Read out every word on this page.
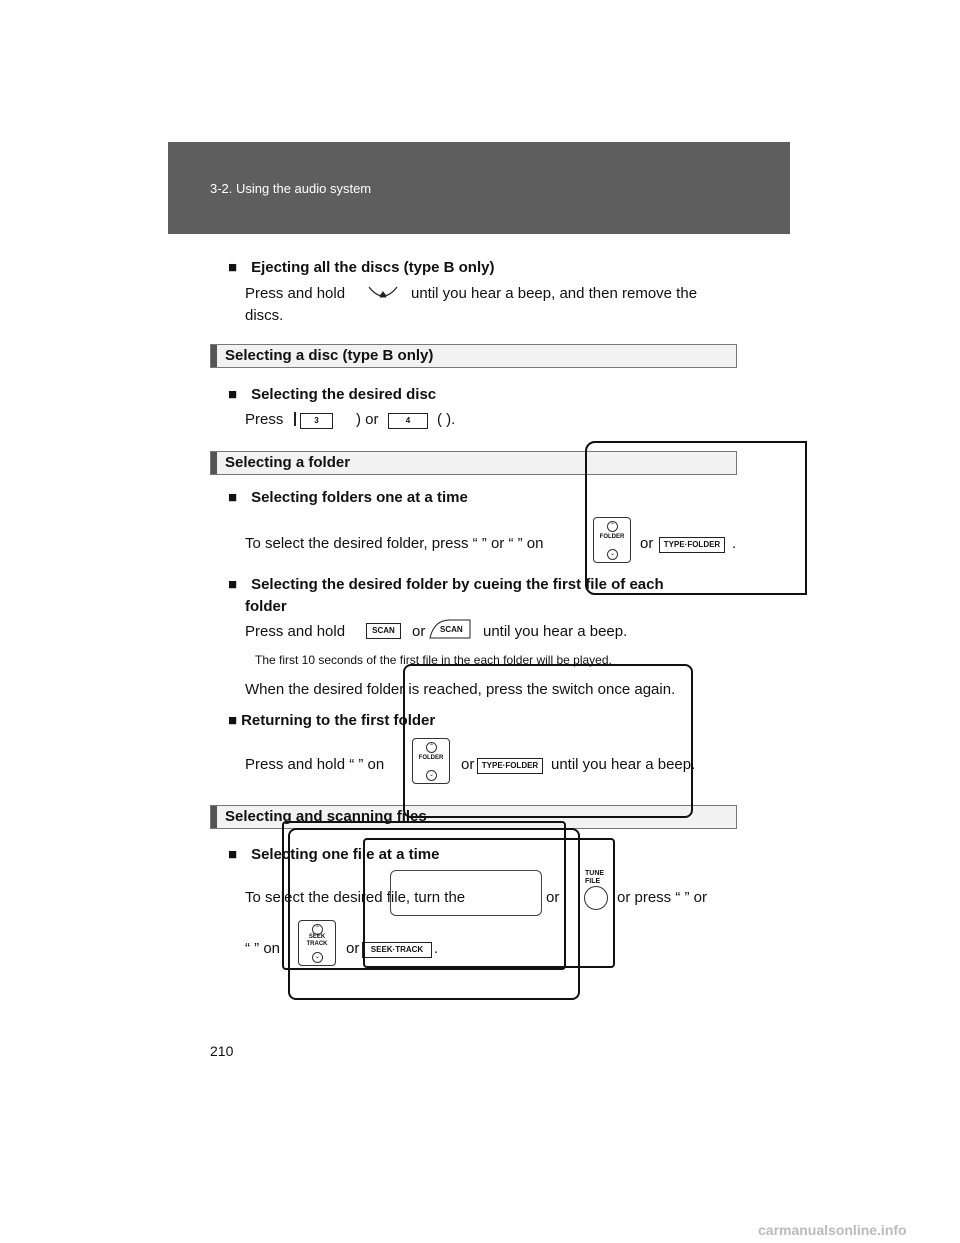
3-2. Using the audio system
■ Ejecting all the discs (type B only)
Press and hold	until you hear a beep, and then remove the
discs.
Selecting a disc (type B only)
■ Selecting the desired disc
Press	3	) or	4	( ).
Selecting a folder
■ Selecting folders one at a time
To select the desired folder, press “ ” or “ ” on
⌃
FOLDER
⌄
or	TYPE·FOLDER .
■ Selecting the desired folder by cueing the first file of each
folder
Press and hold	SCAN	or SCAN until you hear a beep.
The first 10 seconds of the first file in the each folder will be played.
When the desired folder is reached, press the switch once again.
■ Returning to the first folder
Press and hold “ ” on
⌃
FOLDER
⌄
or TYPE·FOLDER until you hear a beep.
Selecting and scanning files
■ Selecting one file at a time
To select the desired file, turn the	or	or press “ ” or
“ ” on
⌃
SEEK
TRACK
⌄ or	SEEK·TRACK .
TUNE
FILE
210
carmanualsonline.info
